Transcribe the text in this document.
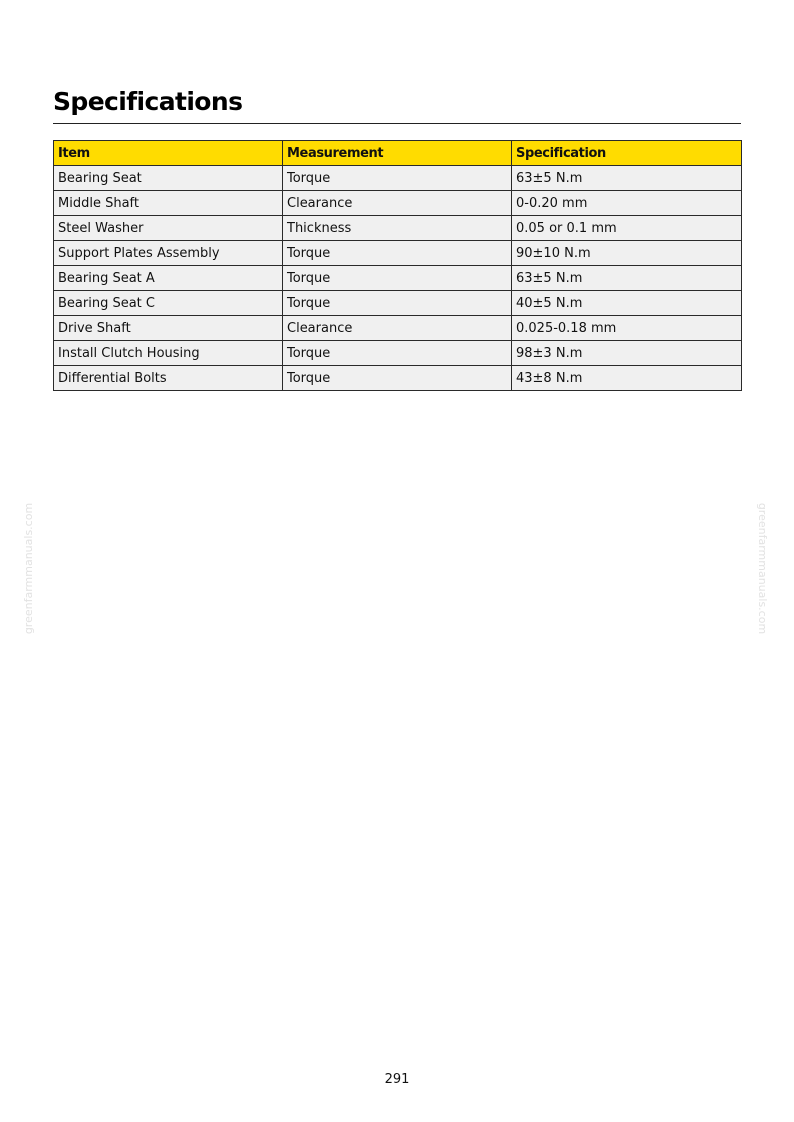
Specifications
Item	Measurement	Specification
Bearing Seat	Torque	63±5 N.m
Middle Shaft	Clearance	0-0.20 mm
Steel Washer	Thickness	0.05 or 0.1 mm
Support Plates Assembly	Torque	90±10 N.m
Bearing Seat A	Torque	63±5 N.m
Bearing Seat C	Torque	40±5 N.m
Drive Shaft	Clearance	0.025-0.18 mm
Install Clutch Housing	Torque	98±3 N.m
Differential Bolts	Torque	43±8 N.m
greenfarmmanuals.com	greenfarmmanuals.com
291
